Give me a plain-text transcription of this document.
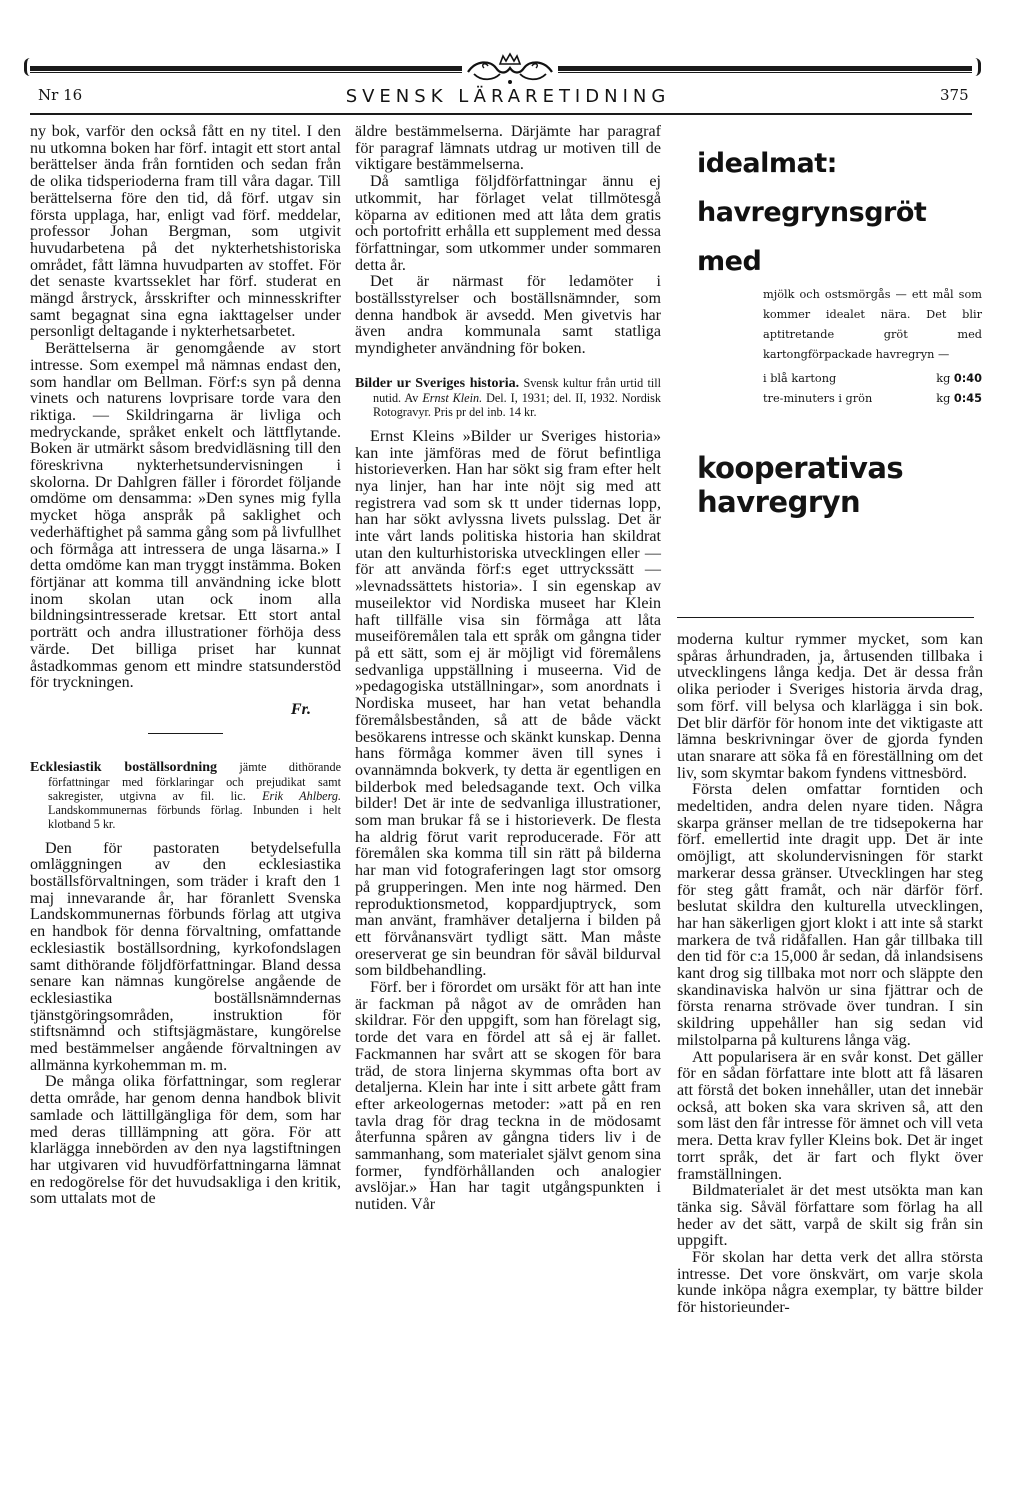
Nr 16	SVENSK LÄRARETIDNING	375

ny bok, varför den också fått en ny titel. I den nu utkomna boken har förf. intagit ett stort antal berättelser ända från forntiden och sedan från de olika tidsperioderna fram till våra dagar. Till berättelserna före den tid, då förf. utgav sin första upplaga, har, enligt vad förf. meddelar, professor Johan Bergman, som utgivit huvudarbetena på det nykterhetshistoriska området, fått lämna huvudparten av stoffet. För det senaste kvartsseklet har förf. studerat en mängd årstryck, årsskrifter och minnesskrifter samt begagnat sina egna iakttagelser under personligt deltagande i nykterhetsarbetet.

Berättelserna är genomgående av stort intresse. Som exempel må nämnas endast den, som handlar om Bellman. Förf:s syn på denna vinets och naturens lovprisare torde vara den riktiga. — Skildringarna är livliga och medryckande, språket enkelt och lättflytande. Boken är utmärkt såsom bredvidläsning till den föreskrivna nykterhetsundervisningen i skolorna. Dr Dahlgren fäller i förordet följande omdöme om densamma: »Den synes mig fylla mycket höga anspråk på saklighet och vederhäftighet på samma gång som på livfullhet och förmåga att intressera de unga läsarna.» I detta omdöme kan man tryggt instämma. Boken förtjänar att komma till användning icke blott inom skolan utan ock inom alla bildningsintresserade kretsar. Ett stort antal porträtt och andra illustrationer förhöja dess värde. Det billiga priset har kunnat åstadkommas genom ett mindre statsunderstöd för tryckningen.

Fr.

Ecklesiastik boställsordning jämte dithörande författningar med förklaringar och prejudikat samt sakregister, utgivna av fil. lic. Erik Ahlberg. Landskommunernas förbunds förlag. Inbunden i helt klotband 5 kr.

Den för pastoraten betydelsefulla omläggningen av den ecklesiastika boställsförvaltningen, som träder i kraft den 1 maj innevarande år, har föranlett Svenska Landskommunernas förbunds förlag att utgiva en handbok för denna förvaltning, omfattande ecklesiastik boställsordning, kyrkofondslagen samt dithörande följdförfattningar. Bland dessa senare kan nämnas kungörelse angående de ecklesiastika boställsnämndernas tjänstgöringsområden, instruktion för stiftsnämnd och stiftsjägmästare, kungörelse med bestämmelser angående förvaltningen av allmänna kyrkohemman m. m.

De många olika författningar, som reglerar detta område, har genom denna handbok blivit samlade och lättillgängliga för dem, som har med deras tilllämpning att göra. För att klarlägga innebörden av den nya lagstiftningen har utgivaren vid huvudförfattningarna lämnat en redogörelse för det huvudsakliga i den kritik, som uttalats mot de

äldre bestämmelserna. Därjämte har paragraf för paragraf lämnats utdrag ur motiven till de viktigare bestämmelserna.

Då samtliga följdförfattningar ännu ej utkommit, har förlaget velat tillmötesgå köparna av editionen med att låta dem gratis och portofritt erhålla ett supplement med dessa författningar, som utkommer under sommaren detta år.

Det är närmast för ledamöter i boställsstyrelser och boställsnämnder, som denna handbok är avsedd. Men givetvis har även andra kommunala samt statliga myndigheter användning för boken.

Bilder ur Sveriges historia. Svensk kultur från urtid till nutid. Av Ernst Klein. Del. I, 1931; del. II, 1932. Nordisk Rotogravyr. Pris pr del inb. 14 kr.

Ernst Kleins »Bilder ur Sveriges historia» kan inte jämföras med de förut befintliga historieverken. Han har sökt sig fram efter helt nya linjer, han har inte nöjt sig med att registrera vad som sk tt under tidernas lopp, han har sökt avlyssna livets pulsslag. Det är inte vårt lands politiska historia han skildrat utan den kulturhistoriska utvecklingen eller — för att använda förf:s eget uttryckssätt — »levnadssättets historia». I sin egenskap av museilektor vid Nordiska museet har Klein haft tillfälle visa sin förmåga att låta museiföremålen tala ett språk om gångna tider på ett sätt, som ej är möjligt vid föremålens sedvanliga uppställning i museerna. Vid de »pedagogiska utställningar», som anordnats i Nordiska museet, har han vetat behandla föremålsbestånden, så att de både väckt besökarens intresse och skänkt kunskap. Denna hans förmåga kommer även till synes i ovannämnda bokverk, ty detta är egentligen en bilderbok med beledsagande text. Och vilka bilder! Det är inte de sedvanliga illustrationer, som man brukar få se i historieverk. De flesta ha aldrig förut varit reproducerade. För att föremålen ska komma till sin rätt på bilderna har man vid fotograferingen lagt stor omsorg på grupperingen. Men inte nog härmed. Den reproduktionsmetod, koppardjuptryck, som man använt, framhäver detaljerna i bilden på ett förvånansvärt tydligt sätt. Man måste oreserverat ge sin beundran för såväl bildurval som bildbehandling.

Förf. ber i förordet om ursäkt för att han inte är fackman på något av de områden han skildrar. För den uppgift, som han förelagt sig, torde det vara en fördel att så ej är fallet. Fackmannen har svårt att se skogen för bara träd, de stora linjerna skymmas ofta bort av detaljerna. Klein har inte i sitt arbete gått fram efter arkeologernas metoder: »att på en ren tavla drag för drag teckna in de mödosamt återfunna spåren av gångna tiders liv i de sammanhang, som materialet självt genom sina former, fyndförhållanden och analogier avslöjar.» Han har tagit utgångspunkten i nutiden. Vår

idealmat:
havregrynsgröt
med
mjölk och ostsmörgås — ett mål som kommer idealet nära. Det blir aptitretande gröt med kartongförpackade havregryn —
i blå kartong	kg 0:40
tre-minuters i grön	kg 0:45
kooperativas
havregryn

moderna kultur rymmer mycket, som kan spåras århundraden, ja, årtusenden tillbaka i utvecklingens långa kedja. Det är dessa från olika perioder i Sveriges historia ärvda drag, som förf. vill belysa och klarlägga i sin bok. Det blir därför för honom inte det viktigaste att lämna beskrivningar över de gjorda fynden utan snarare att söka få en föreställning om det liv, som skymtar bakom fyndens vittnesbörd.

Första delen omfattar forntiden och medeltiden, andra delen nyare tiden. Några skarpa gränser mellan de tre tidsepokerna har förf. emellertid inte dragit upp. Det är inte omöjligt, att skolundervisningen för starkt markerar dessa gränser. Utvecklingen har steg för steg gått framåt, och när därför förf. beslutat skildra den kulturella utvecklingen, har han säkerligen gjort klokt i att inte så starkt markera de två ridåfallen. Han går tillbaka till den tid för c:a 15,000 år sedan, då inlandsisens kant drog sig tillbaka mot norr och släppte den skandinaviska halvön ur sina fjättrar och de första renarna strövade över tundran. I sin skildring uppehåller han sig sedan vid milstolparna på kulturens långa väg.

Att popularisera är en svår konst. Det gäller för en sådan författare inte blott att få läsaren att förstå det boken innehåller, utan det innebär också, att boken ska vara skriven så, att den som läst den får intresse för ämnet och vill veta mera. Detta krav fyller Kleins bok. Det är inget torrt språk, det är fart och flykt över framställningen.

Bildmaterialet är det mest utsökta man kan tänka sig. Såväl författare som förlag ha all heder av det sätt, varpå de skilt sig från sin uppgift.

För skolan har detta verk det allra största intresse. Det vore önskvärt, om varje skola kunde inköpa några exemplar, ty bättre bilder för historieunder-
